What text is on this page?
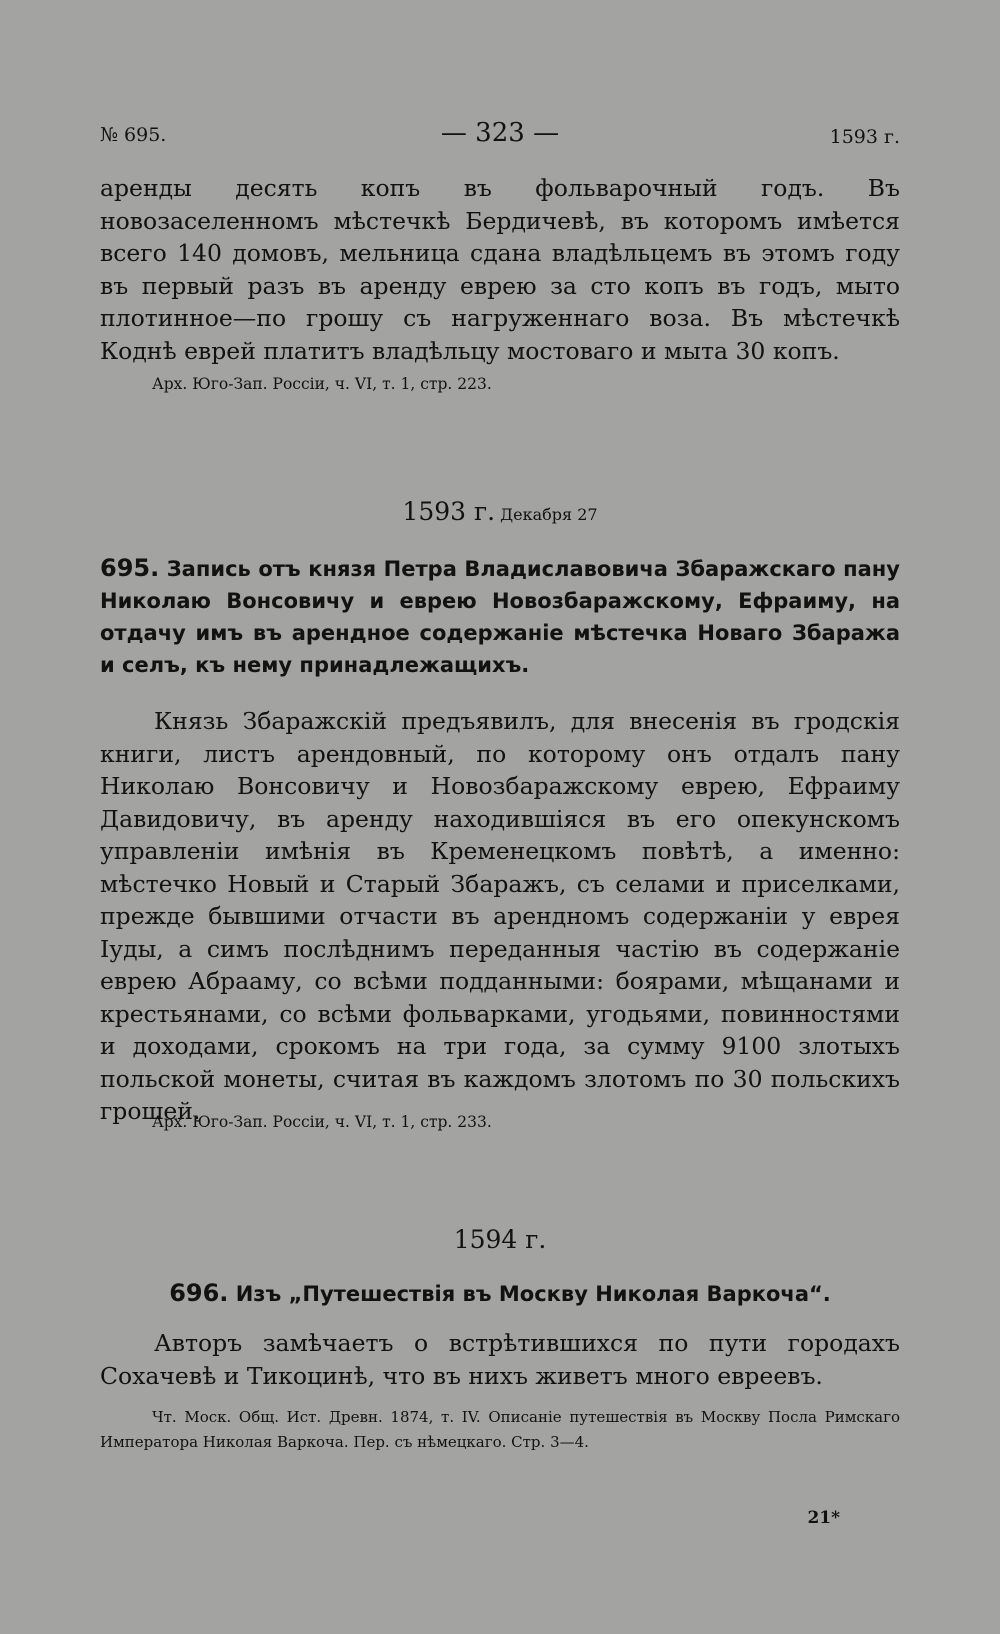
№ 695.	— 323 —	1593 г.

аренды десять копъ въ фольварочный годъ. Въ новозаселенномъ мѣстечкѣ Бердичевѣ, въ которомъ имѣется всего 140 домовъ, мельница сдана владѣльцемъ въ этомъ году въ первый разъ въ аренду еврею за сто копъ въ годъ, мыто плотинное—по грошу съ нагруженнаго воза. Въ мѣстечкѣ Коднѣ еврей платитъ владѣльцу мостоваго и мыта 30 копъ.

Арх. Юго-Зап. Россіи, ч. VI, т. 1, стр. 223.

1593 г. Декабря 27

695. Запись отъ князя Петра Владиславовича Збаражскаго пану Николаю Вонсовичу и еврею Новозбаражскому, Ефраиму, на отдачу имъ въ арендное содержаніе мѣстечка Новаго Збаража и селъ, къ нему принадлежащихъ.

Князь Збаражскій предъявилъ, для внесенія въ гродскія книги, листъ арендовный, по которому онъ отдалъ пану Николаю Вонсовичу и Новозбаражскому еврею, Ефраиму Давидовичу, въ аренду находившіяся въ его опекунскомъ управленіи имѣнія въ Кременецкомъ повѣтѣ, а именно: мѣстечко Новый и Старый Збаражъ, съ селами и приселками, прежде бывшими отчасти въ арендномъ содержаніи у еврея Іуды, а симъ послѣднимъ переданныя частію въ содержаніе еврею Абрааму, со всѣми подданными: боярами, мѣщанами и крестьянами, со всѣми фольварками, угодьями, повинностями и доходами, срокомъ на три года, за сумму 9100 злотыхъ польской монеты, считая въ каждомъ злотомъ по 30 польскихъ грошей.

Арх. Юго-Зап. Россіи, ч. VI, т. 1, стр. 233.

1594 г.

696. Изъ „Путешествія въ Москву Николая Варкоча“.

Авторъ замѣчаетъ о встрѣтившихся по пути городахъ Сохачевѣ и Тикоцинѣ, что въ нихъ живетъ много евреевъ.

Чт. Моск. Общ. Ист. Древн. 1874, т. IV. Описаніе путешествія въ Москву Посла Римскаго Императора Николая Варкоча. Пер. съ нѣмецкаго. Стр. 3—4.

21*
